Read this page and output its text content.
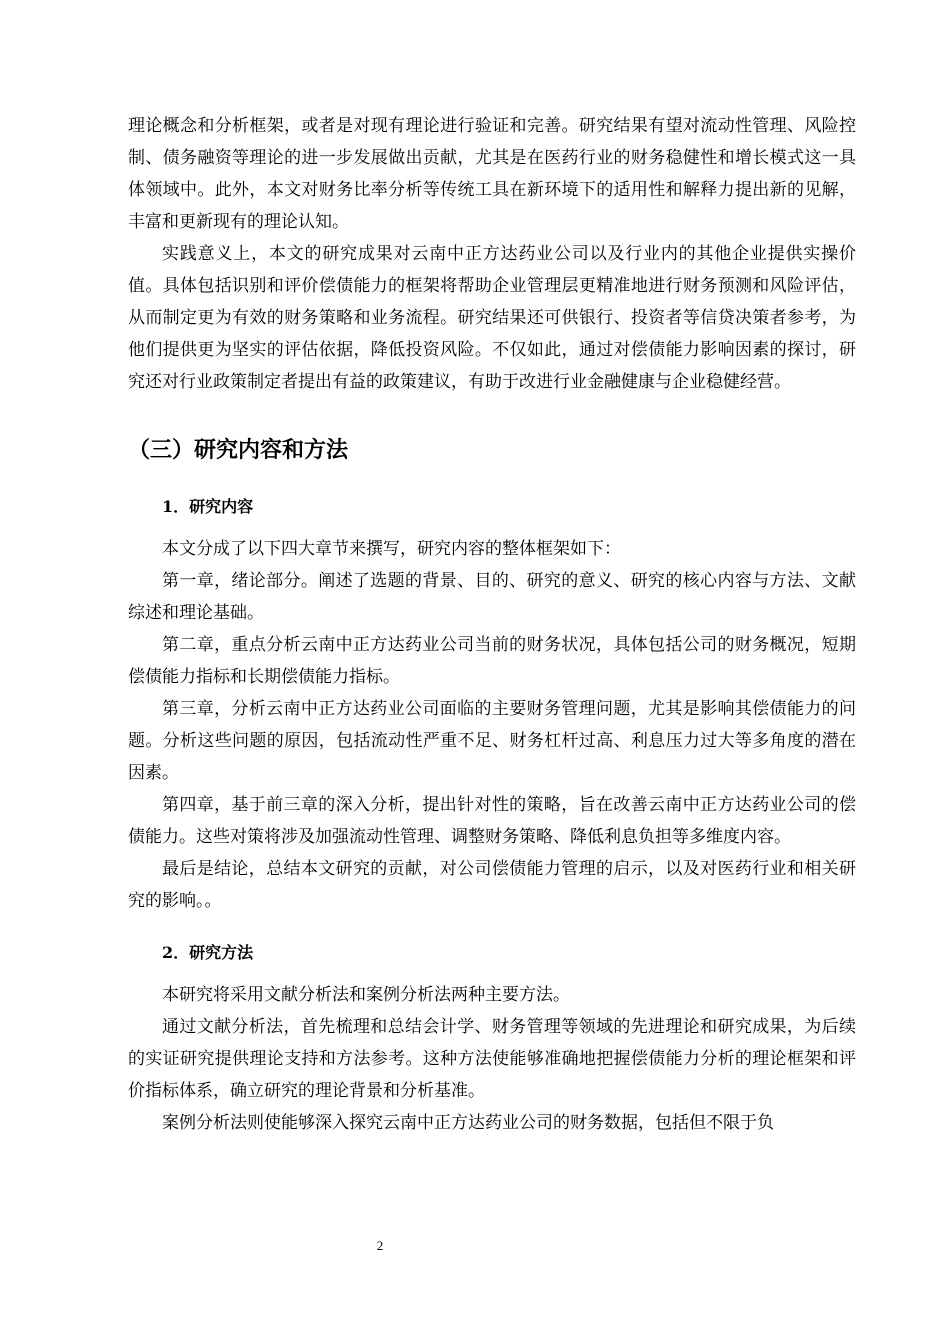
理论概念和分析框架，或者是对现有理论进行验证和完善。研究结果有望对流动性管理、风险控制、债务融资等理论的进一步发展做出贡献，尤其是在医药行业的财务稳健性和增长模式这一具体领域中。此外，本文对财务比率分析等传统工具在新环境下的适用性和解释力提出新的见解，丰富和更新现有的理论认知。

实践意义上，本文的研究成果对云南中正方达药业公司以及行业内的其他企业提供实操价值。具体包括识别和评价偿债能力的框架将帮助企业管理层更精准地进行财务预测和风险评估，从而制定更为有效的财务策略和业务流程。研究结果还可供银行、投资者等信贷决策者参考，为他们提供更为坚实的评估依据，降低投资风险。不仅如此，通过对偿债能力影响因素的探讨，研究还对行业政策制定者提出有益的政策建议，有助于改进行业金融健康与企业稳健经营。

（三）研究内容和方法
1．研究内容

本文分成了以下四大章节来撰写，研究内容的整体框架如下：

第一章，绪论部分。阐述了选题的背景、目的、研究的意义、研究的核心内容与方法、文献综述和理论基础。

第二章，重点分析云南中正方达药业公司当前的财务状况，具体包括公司的财务概况，短期偿债能力指标和长期偿债能力指标。

第三章，分析云南中正方达药业公司面临的主要财务管理问题，尤其是影响其偿债能力的问题。分析这些问题的原因，包括流动性严重不足、财务杠杆过高、利息压力过大等多角度的潜在因素。

第四章，基于前三章的深入分析，提出针对性的策略，旨在改善云南中正方达药业公司的偿债能力。这些对策将涉及加强流动性管理、调整财务策略、降低利息负担等多维度内容。

最后是结论，总结本文研究的贡献，对公司偿债能力管理的启示，以及对医药行业和相关研究的影响。。

2．研究方法

本研究将采用文献分析法和案例分析法两种主要方法。

通过文献分析法，首先梳理和总结会计学、财务管理等领域的先进理论和研究成果，为后续的实证研究提供理论支持和方法参考。这种方法使能够准确地把握偿债能力分析的理论框架和评价指标体系，确立研究的理论背景和分析基准。

案例分析法则使能够深入探究云南中正方达药业公司的财务数据，包括但不限于负

2
